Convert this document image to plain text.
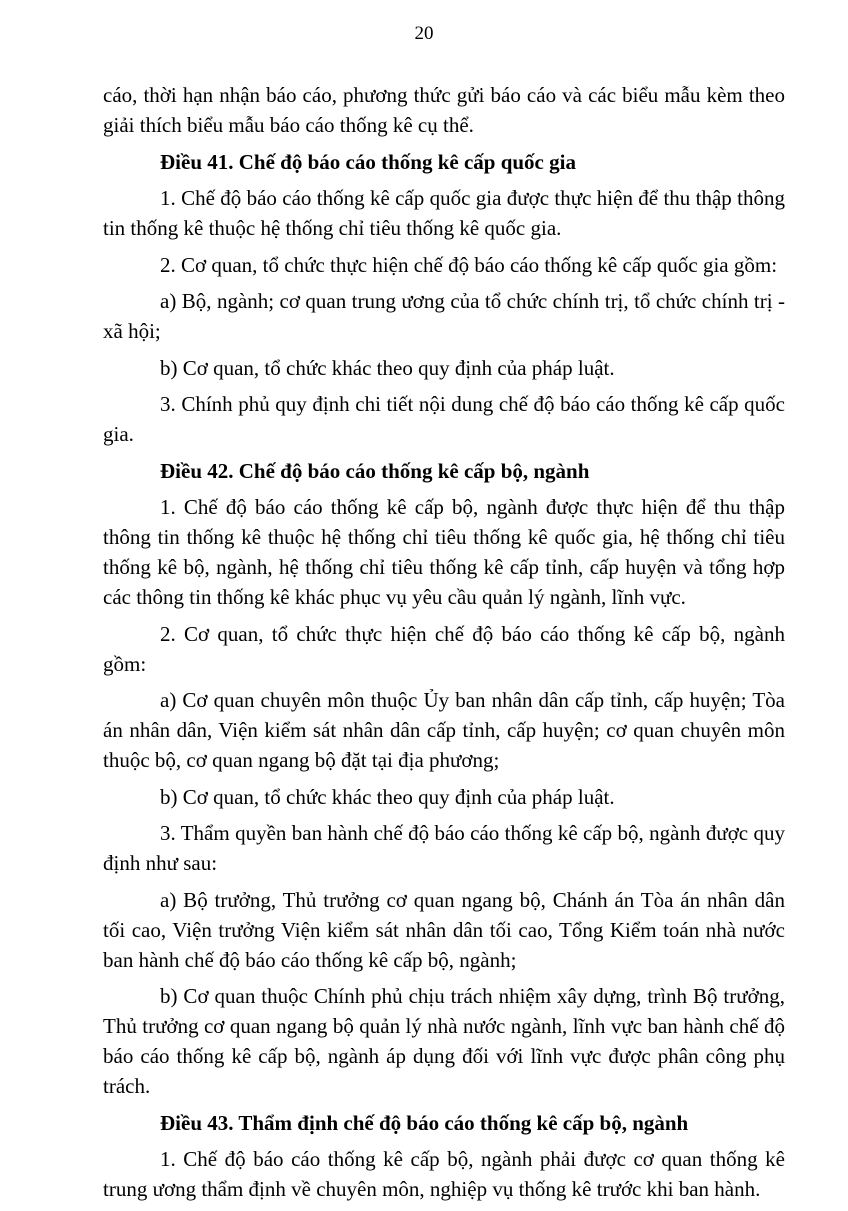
20

cáo, thời hạn nhận báo cáo, phương thức gửi báo cáo và các biểu mẫu kèm theo giải thích biểu mẫu báo cáo thống kê cụ thể.

Điều 41. Chế độ báo cáo thống kê cấp quốc gia

1. Chế độ báo cáo thống kê cấp quốc gia được thực hiện để thu thập thông tin thống kê thuộc hệ thống chỉ tiêu thống kê quốc gia.

2. Cơ quan, tổ chức thực hiện chế độ báo cáo thống kê cấp quốc gia gồm:

a) Bộ, ngành; cơ quan trung ương của tổ chức chính trị, tổ chức chính trị - xã hội;

b) Cơ quan, tổ chức khác theo quy định của pháp luật.

3. Chính phủ quy định chi tiết nội dung chế độ báo cáo thống kê cấp quốc gia.

Điều 42. Chế độ báo cáo thống kê cấp bộ, ngành

1. Chế độ báo cáo thống kê cấp bộ, ngành được thực hiện để thu thập thông tin thống kê thuộc hệ thống chỉ tiêu thống kê quốc gia, hệ thống chỉ tiêu thống kê bộ, ngành, hệ thống chỉ tiêu thống kê cấp tỉnh, cấp huyện và tổng hợp các thông tin thống kê khác phục vụ yêu cầu quản lý ngành, lĩnh vực.

2. Cơ quan, tổ chức thực hiện chế độ báo cáo thống kê cấp bộ, ngành gồm:

a) Cơ quan chuyên môn thuộc Ủy ban nhân dân cấp tỉnh, cấp huyện; Tòa án nhân dân, Viện kiểm sát nhân dân cấp tỉnh, cấp huyện; cơ quan chuyên môn thuộc bộ, cơ quan ngang bộ đặt tại địa phương;

b) Cơ quan, tổ chức khác theo quy định của pháp luật.

3. Thẩm quyền ban hành chế độ báo cáo thống kê cấp bộ, ngành được quy định như sau:

a) Bộ trưởng, Thủ trưởng cơ quan ngang bộ, Chánh án Tòa án nhân dân tối cao, Viện trưởng Viện kiểm sát nhân dân tối cao, Tổng Kiểm toán nhà nước ban hành chế độ báo cáo thống kê cấp bộ, ngành;

b) Cơ quan thuộc Chính phủ chịu trách nhiệm xây dựng, trình Bộ trưởng, Thủ trưởng cơ quan ngang bộ quản lý nhà nước ngành, lĩnh vực ban hành chế độ báo cáo thống kê cấp bộ, ngành áp dụng đối với lĩnh vực được phân công phụ trách.

Điều 43. Thẩm định chế độ báo cáo thống kê cấp bộ, ngành

1. Chế độ báo cáo thống kê cấp bộ, ngành phải được cơ quan thống kê trung ương thẩm định về chuyên môn, nghiệp vụ thống kê trước khi ban hành.
